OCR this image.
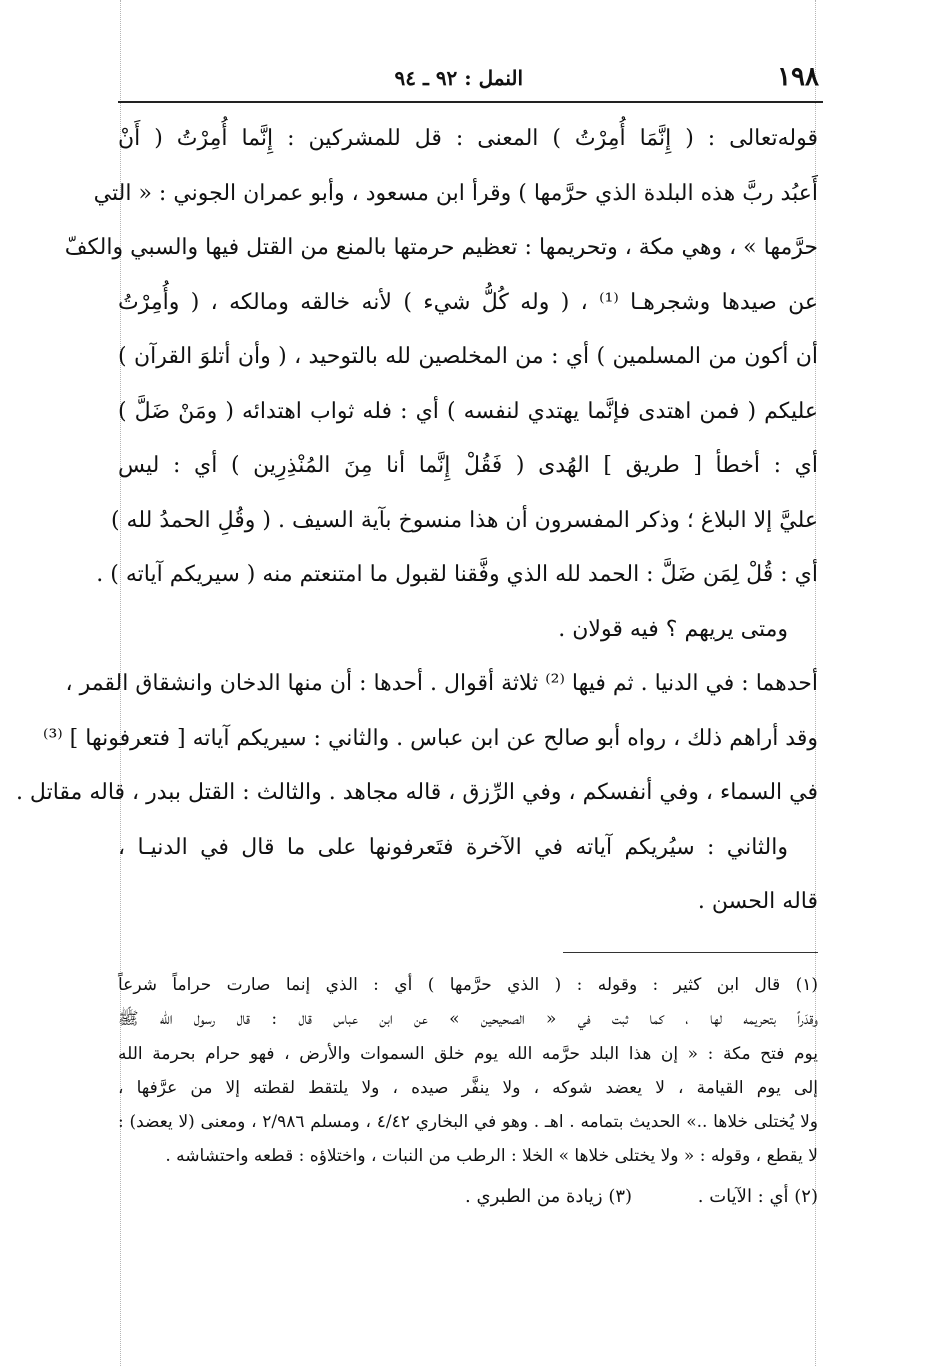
١٩٨
النمل : ٩٢ ـ ٩٤
قوله‌تعالى : ( إِنَّمَا أُمِرْتُ ) المعنى : قل للمشركين : إِنَّما أُمِرْتُ ( أَنْ
أَعبُد ربَّ هذه البلدة الذي حرَّمها ) وقرأ ابن مسعود ، وأبو عمران الجوني : « التي
حرَّمها » ، وهي مكة ، وتحريمها : تعظيم حرمتها بالمنع من القتل فيها والسبي والكفّ
عن صيدها وشجرهـا ⁽¹⁾ ، ( وله كُلُّ شيء ) لأنه خالقه ومالكه ، ( وأُمِرْتُ
أن أكون من المسلمين ) أي : من المخلصين لله بالتوحيد ، ( وأن أتلوَ القرآن )
عليكم ( فمن اهتدى فإنَّما يهتدي لنفسه ) أي : فله ثواب اهتدائه ( ومَنْ ضَلَّ )
أي : أخطأ [ طريق ] الهُدى ( فَقُلْ إِنَّما أنا مِنَ المُنْذِرِين ) أي : ليس
عليَّ إلا البلاغ ؛ وذكر المفسرون أن هذا منسوخ بآية السيف . ( وقُلِ الحمدُ لله )
أي : قُلْ لِمَن ضَلَّ : الحمد لله الذي وفَّقنا لقبول ما امتنعتم منه ( سيريكم آياته ) .
ومتى يريهم ؟ فيه قولان .
أحدهما : في الدنيا . ثم فيها ⁽²⁾ ثلاثة أقوال . أحدها : أن منها الدخان وانشقاق القمر ،
وقد أراهم ذلك ، رواه أبو صالح عن ابن عباس . والثاني : سيريكم آياته [ فتعرفونها ] ⁽³⁾
في السماء ، وفي أنفسكم ، وفي الرِّزق ، قاله مجاهد . والثالث : القتل ببدر ، قاله مقاتل .
والثاني : سيُريكم آياته في الآخرة فتَعرفونها على ما قال في الدنيـا ،
قاله الحسن .
(١) قال ابن كثير : وقوله : ( الذي حرَّمها ) أي : الذي إنما صارت حراماً شرعاً
وقدَراً بتحريمه لها ، كما ثبت في « الصحيحين » عن ابن عباس قال : قال رسول الله ﷺ
يوم فتح مكة : « إن هذا البلد حرَّمه الله يوم خلق السموات والأرض ، فهو حرام بحرمة الله
إلى يوم القيامة ، لا يعضد شوكه ، ولا ينفَّر صيده ، ولا يلتقط لقطته إلا من عرَّفها ،
ولا يُختلى خلاها ..» الحديث بتمامه . اهـ . وهو في البخاري ٤/٤٢ ، ومسلم ٢/٩٨٦ ، ومعنى (لا يعضد) :
لا يقطع ، وقوله : « ولا يختلى خلاها » الخلا : الرطب من النبات ، واختلاؤه : قطعه واحتشاشه .
(٢) أي : الآيات . (٣) زيادة من الطبري .
